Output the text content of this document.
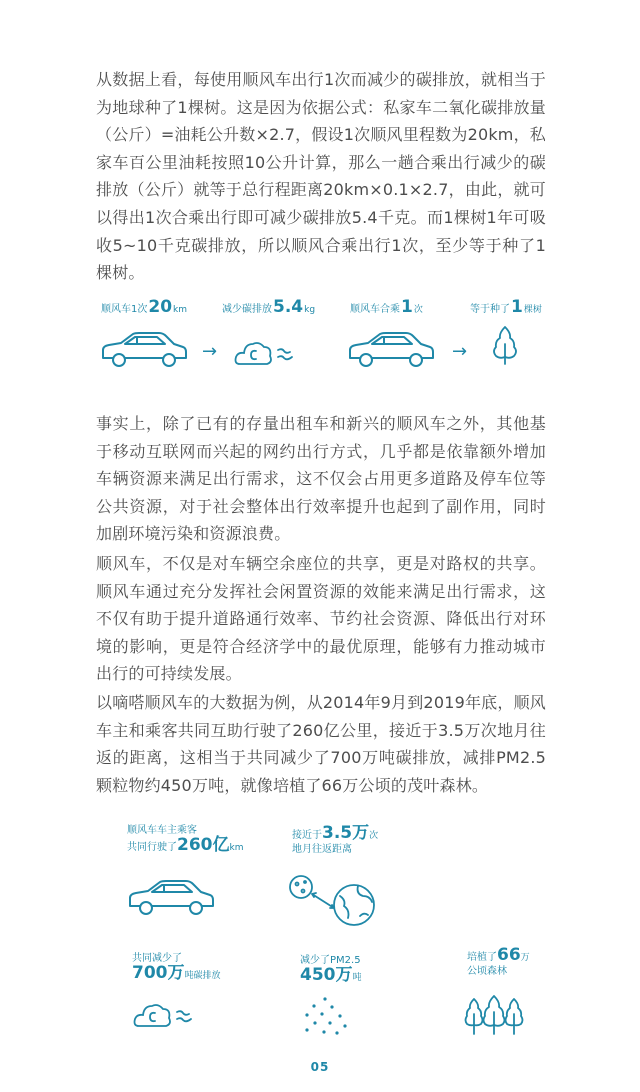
从数据上看，每使用顺风车出行1次而减少的碳排放，就相当于为地球种了1棵树。这是因为依据公式：私家车二氧化碳排放量（公斤）=油耗公升数×2.7，假设1次顺风里程数为20km，私家车百公里油耗按照10公升计算，那么一趟合乘出行减少的碳排放（公斤）就等于总行程距离20km×0.1×2.7，由此，就可以得出1次合乘出行即可减少碳排放5.4千克。而1棵树1年可吸收5~10千克碳排放，所以顺风合乘出行1次，至少等于种了1棵树。

顺风车1次20km	减少碳排放5.4kg	顺风车合乘1次	等于种了1棵树
→	→

事实上，除了已有的存量出租车和新兴的顺风车之外，其他基于移动互联网而兴起的网约出行方式，几乎都是依靠额外增加车辆资源来满足出行需求，这不仅会占用更多道路及停车位等公共资源，对于社会整体出行效率提升也起到了副作用，同时加剧环境污染和资源浪费。

顺风车，不仅是对车辆空余座位的共享，更是对路权的共享。顺风车通过充分发挥社会闲置资源的效能来满足出行需求，这不仅有助于提升道路通行效率、节约社会资源、降低出行对环境的影响，更是符合经济学中的最优原理，能够有力推动城市出行的可持续发展。

以嘀嗒顺风车的大数据为例，从2014年9月到2019年底，顺风车主和乘客共同互助行驶了260亿公里，接近于3.5万次地月往返的距离，这相当于共同减少了700万吨碳排放，减排PM2.5颗粒物约450万吨，就像培植了66万公顷的茂叶森林。

顺风车车主乘客
共同行驶了260亿km
接近于3.5万次
地月往返距离
共同减少了
700万吨碳排放
减少了PM2.5
450万吨
培植了66万
公顷森林
05
